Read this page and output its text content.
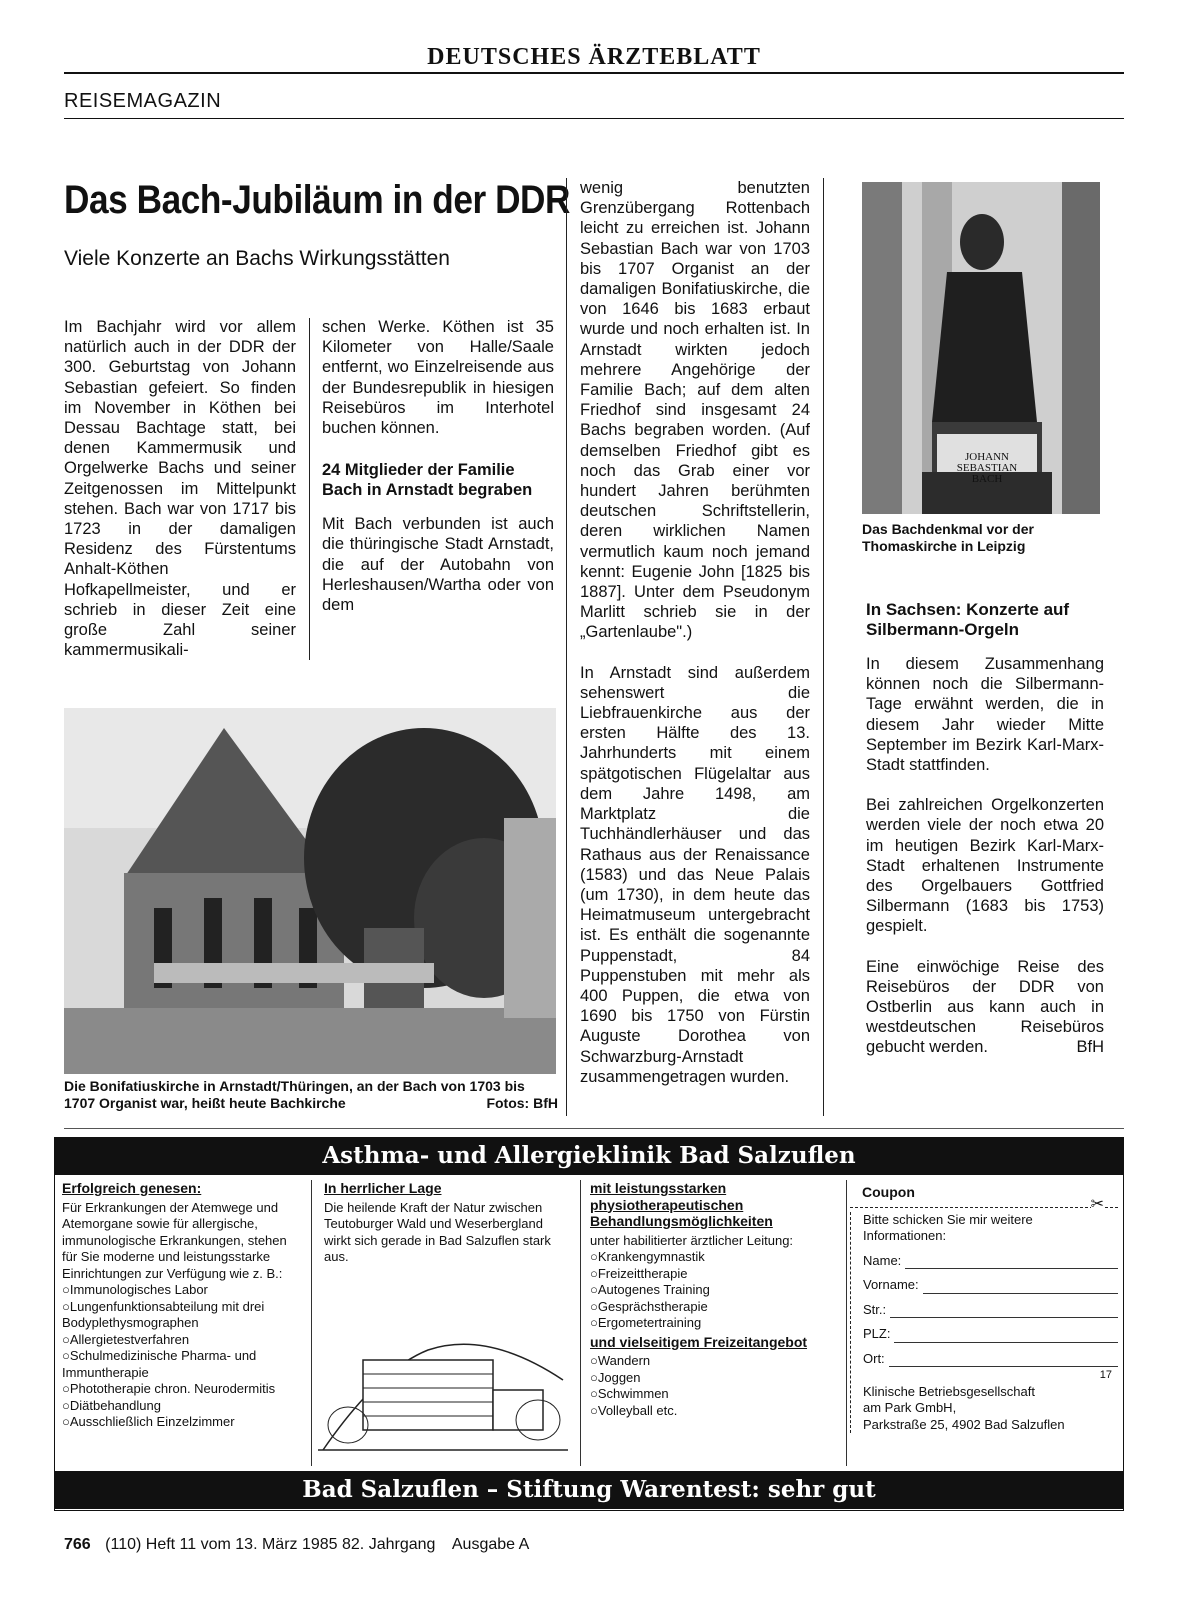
DEUTSCHES ÄRZTEBLATT
REISEMAGAZIN
Das Bach-Jubiläum in der DDR
Viele Konzerte an Bachs Wirkungsstätten

Im Bachjahr wird vor allem natürlich auch in der DDR der 300. Geburtstag von Johann Sebastian gefeiert. So finden im November in Köthen bei Dessau Bachtage statt, bei denen Kammermusik und Orgelwerke Bachs und seiner Zeitgenossen im Mittelpunkt stehen. Bach war von 1717 bis 1723 in der damaligen Residenz des Fürstentums Anhalt-Köthen Hofkapellmeister, und er schrieb in dieser Zeit eine große Zahl seiner kammermusikali-

schen Werke. Köthen ist 35 Kilometer von Halle/Saale entfernt, wo Einzelreisende aus der Bundesrepublik in hiesigen Reisebüros im Interhotel buchen können.

24 Mitglieder der Familie Bach in Arnstadt begraben

Mit Bach verbunden ist auch die thüringische Stadt Arnstadt, die auf der Autobahn von Herleshausen/Wartha oder von dem

Die Bonifatiuskirche in Arnstadt/Thüringen, an der Bach von 1703 bis 1707 Organist war, heißt heute Bachkirche	Fotos: BfH

wenig benutzten Grenzübergang Rottenbach leicht zu erreichen ist. Johann Sebastian Bach war von 1703 bis 1707 Organist an der damaligen Bonifatiuskirche, die von 1646 bis 1683 erbaut wurde und noch erhalten ist. In Arnstadt wirkten jedoch mehrere Angehörige der Familie Bach; auf dem alten Friedhof sind insgesamt 24 Bachs begraben worden. (Auf demselben Friedhof gibt es noch das Grab einer vor hundert Jahren berühmten deutschen Schriftstellerin, deren wirklichen Namen vermutlich kaum noch jemand kennt: Eugenie John [1825 bis 1887]. Unter dem Pseudonym Marlitt schrieb sie in der „Gartenlaube".)

In Arnstadt sind außerdem sehenswert die Liebfrauenkirche aus der ersten Hälfte des 13. Jahrhunderts mit einem spätgotischen Flügelaltar aus dem Jahre 1498, am Marktplatz die Tuchhändlerhäuser und das Rathaus aus der Renaissance (1583) und das Neue Palais (um 1730), in dem heute das Heimatmuseum untergebracht ist. Es enthält die sogenannte Puppenstadt, 84 Puppenstuben mit mehr als 400 Puppen, die etwa von 1690 bis 1750 von Fürstin Auguste Dorothea von Schwarzburg-Arnstadt zusammengetragen wurden.

JOHANN
SEBASTIAN
BACH
Das Bachdenkmal vor der Thomaskirche in Leipzig
In Sachsen: Konzerte auf Silbermann-Orgeln

In diesem Zusammenhang können noch die Silbermann-Tage erwähnt werden, die in diesem Jahr wieder Mitte September im Bezirk Karl-Marx-Stadt stattfinden.

Bei zahlreichen Orgelkonzerten werden viele der noch etwa 20 im heutigen Bezirk Karl-Marx-Stadt erhaltenen Instrumente des Orgelbauers Gottfried Silbermann (1683 bis 1753) gespielt.

Eine einwöchige Reise des Reisebüros der DDR von Ostberlin aus kann auch in westdeutschen Reisebüros gebucht werden.	BfH

Asthma- und Allergieklinik Bad Salzuflen
Erfolgreich genesen:
Für Erkrankungen der Atemwege und Atemorgane sowie für allergische, immunologische Erkrankungen, stehen für Sie moderne und leistungsstarke Einrichtungen zur Verfügung wie z. B.:
○ Immunologisches Labor
○ Lungenfunktionsabteilung mit drei Bodyplethysmographen
○ Allergietestverfahren
○ Schulmedizinische Pharma- und Immuntherapie
○ Phototherapie chron. Neurodermitis
○ Diätbehandlung
○ Ausschließlich Einzelzimmer
In herrlicher Lage
Die heilende Kraft der Natur zwischen Teutoburger Wald und Weserbergland wirkt sich gerade in Bad Salzuflen stark aus.
mit leistungsstarken physiotherapeutischen Behandlungsmöglichkeiten
unter habilitierter ärztlicher Leitung:
○ Krankengymnastik
○ Freizeittherapie
○ Autogenes Training
○ Gesprächstherapie
○ Ergometertraining
und vielseitigem Freizeitangebot
○ Wandern
○ Joggen
○ Schwimmen
○ Volleyball etc.
Coupon
✂
Bitte schicken Sie mir weitere Informationen:
Name:
Vorname:
Str.:
PLZ:
Ort:
17
Klinische Betriebsgesellschaft
am Park GmbH,
Parkstraße 25, 4902 Bad Salzuflen
Bad Salzuflen – Stiftung Warentest: sehr gut
766 (110) Heft 11 vom 13. März 1985 82. Jahrgang Ausgabe A
